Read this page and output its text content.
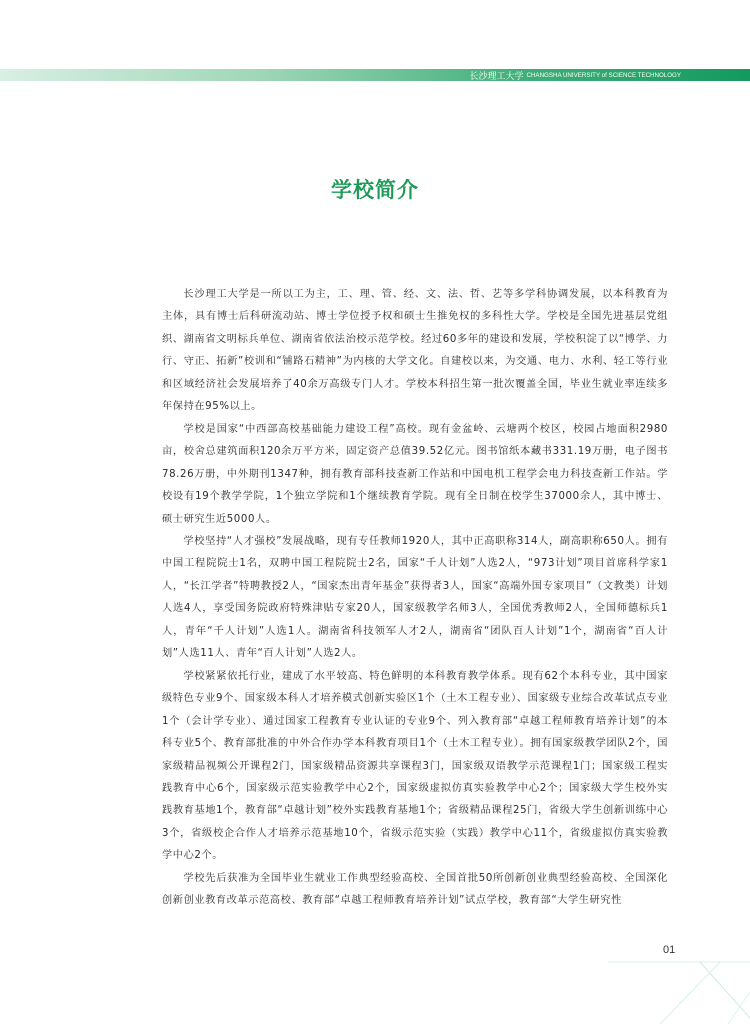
长沙理工大学 CHANGSHA UNIVERSITY of SCIENCE TECHNOLOGY
学校简介

长沙理工大学是一所以工为主，工、理、管、经、文、法、哲、艺等多学科协调发展，以本科教育为主体，具有博士后科研流动站、博士学位授予权和硕士生推免权的多科性大学。学校是全国先进基层党组织、湖南省文明标兵单位、湖南省依法治校示范学校。经过60多年的建设和发展，学校积淀了以“博学、力行、守正、拓新”校训和“铺路石精神”为内核的大学文化。自建校以来，为交通、电力、水利、轻工等行业和区域经济社会发展培养了40余万高级专门人才。学校本科招生第一批次覆盖全国，毕业生就业率连续多年保持在95%以上。

学校是国家“中西部高校基础能力建设工程”高校。现有金盆岭、云塘两个校区，校园占地面积2980亩，校舍总建筑面积120余万平方米，固定资产总值39.52亿元。图书馆纸本藏书331.19万册，电子图书78.26万册，中外期刊1347种，拥有教育部科技查新工作站和中国电机工程学会电力科技查新工作站。学校设有19个教学学院，1个独立学院和1个继续教育学院。现有全日制在校学生37000余人，其中博士、硕士研究生近5000人。

学校坚持“人才强校”发展战略，现有专任教师1920人，其中正高职称314人，副高职称650人。拥有中国工程院院士1名，双聘中国工程院院士2名，国家“千人计划”人选2人，“973计划”项目首席科学家1人，“长江学者”特聘教授2人，“国家杰出青年基金”获得者3人，国家“高端外国专家项目”（文教类）计划人选4人，享受国务院政府特殊津贴专家20人，国家级教学名师3人，全国优秀教师2人，全国师德标兵1人，青年“千人计划”人选1人。湖南省科技领军人才2人，湖南省“团队百人计划”1个，湖南省“百人计划”人选11人、青年“百人计划”人选2人。

学校紧紧依托行业，建成了水平较高、特色鲜明的本科教育教学体系。现有62个本科专业，其中国家级特色专业9个、国家级本科人才培养模式创新实验区1个（土木工程专业）、国家级专业综合改革试点专业1个（会计学专业）、通过国家工程教育专业认证的专业9个、列入教育部“卓越工程师教育培养计划”的本科专业5个、教育部批准的中外合作办学本科教育项目1个（土木工程专业）。拥有国家级教学团队2个，国家级精品视频公开课程2门，国家级精品资源共享课程3门，国家级双语教学示范课程1门；国家级工程实践教育中心6个，国家级示范实验教学中心2个，国家级虚拟仿真实验教学中心2个；国家级大学生校外实践教育基地1个，教育部“卓越计划”校外实践教育基地1个；省级精品课程25门，省级大学生创新训练中心3个，省级校企合作人才培养示范基地10个，省级示范实验（实践）教学中心11个，省级虚拟仿真实验教学中心2个。

学校先后获准为全国毕业生就业工作典型经验高校、全国首批50所创新创业典型经验高校、全国深化创新创业教育改革示范高校、教育部“卓越工程师教育培养计划”试点学校，教育部“大学生研究性

01
